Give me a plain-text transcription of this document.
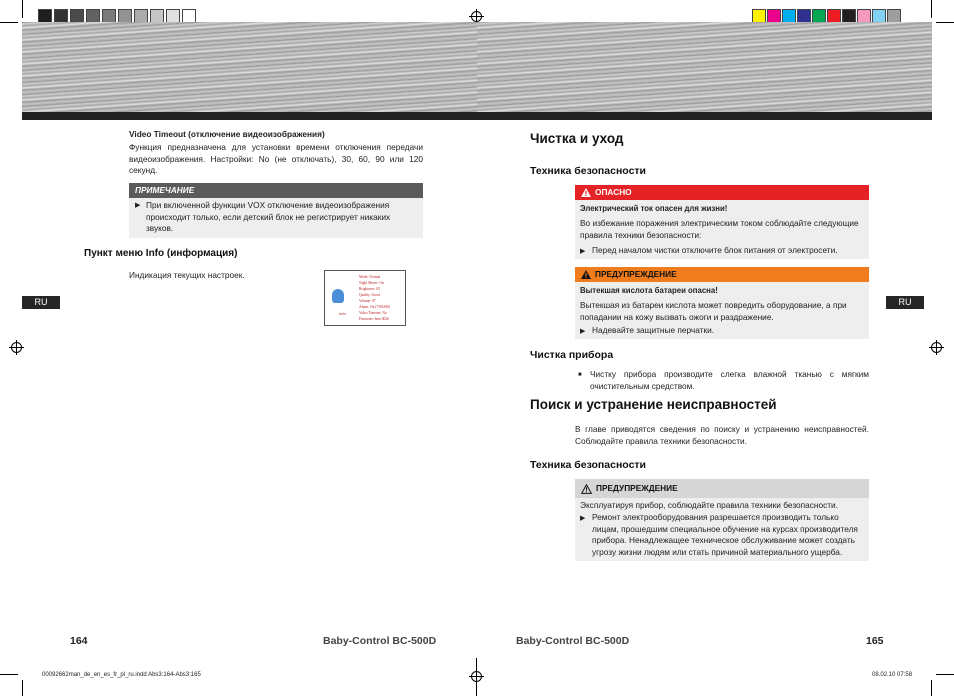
Video Timeout (отключение видеоизображения)
Функция предназначена для установки времени отключения передачи видеоизображения. Настройки: No (не отключать), 30, 60, 90 или 120 секунд.
ПРИМЕЧАНИЕ
▶ При включенной функции VOX отключение видеоизображения происходит только, если детский блок не регистрирует никаких звуков.
Пункт меню Info (информация)
Индикация текущих настроек.
Info
Mode: Normal
Night Maver: On
Brightness: 05
Quality: Good
Volume: 07
Alarm: On (7:00AM)
Video Timeout: No
Firmware: beta 0026
RU
164	Baby-Control BC-500D
00092662man_de_en_es_fr_pl_ru.indd Abs3:164-Abs3:165
Чистка и уход
Техника безопасности
ОПАСНО
Электрический ток опасен для жизни!
Во избежание поражения электрическим током соблюдайте следующие правила техники безопасности:
▶ Перед началом чистки отключите блок питания от электросети.
ПРЕДУПРЕЖДЕНИЕ
Вытекшая кислота батареи опасна!
Вытекшая из батареи кислота может повредить оборудование, а при попадании на кожу вызвать ожоги и раздражение.
▶ Надевайте защитные перчатки.
Чистка прибора
■ Чистку прибора производите слегка влажной тканью с мягким очистительным средством.
Поиск и устранение неисправностей
В главе приводятся сведения по поиску и устранению неисправностей. Соблюдайте правила техники безопасности.
Техника безопасности
ПРЕДУПРЕЖДЕНИЕ
Эксплуатируя прибор, соблюдайте правила техники безопасности.
▶ Ремонт электрооборудования разрешается производить только лицам, прошедшим специальное обучение на курсах производителя прибора. Ненадлежащее техническое обслуживание может создать угрозу жизни людям или стать причиной материального ущерба.
RU
Baby-Control BC-500D	165
08.02.10 07:58
